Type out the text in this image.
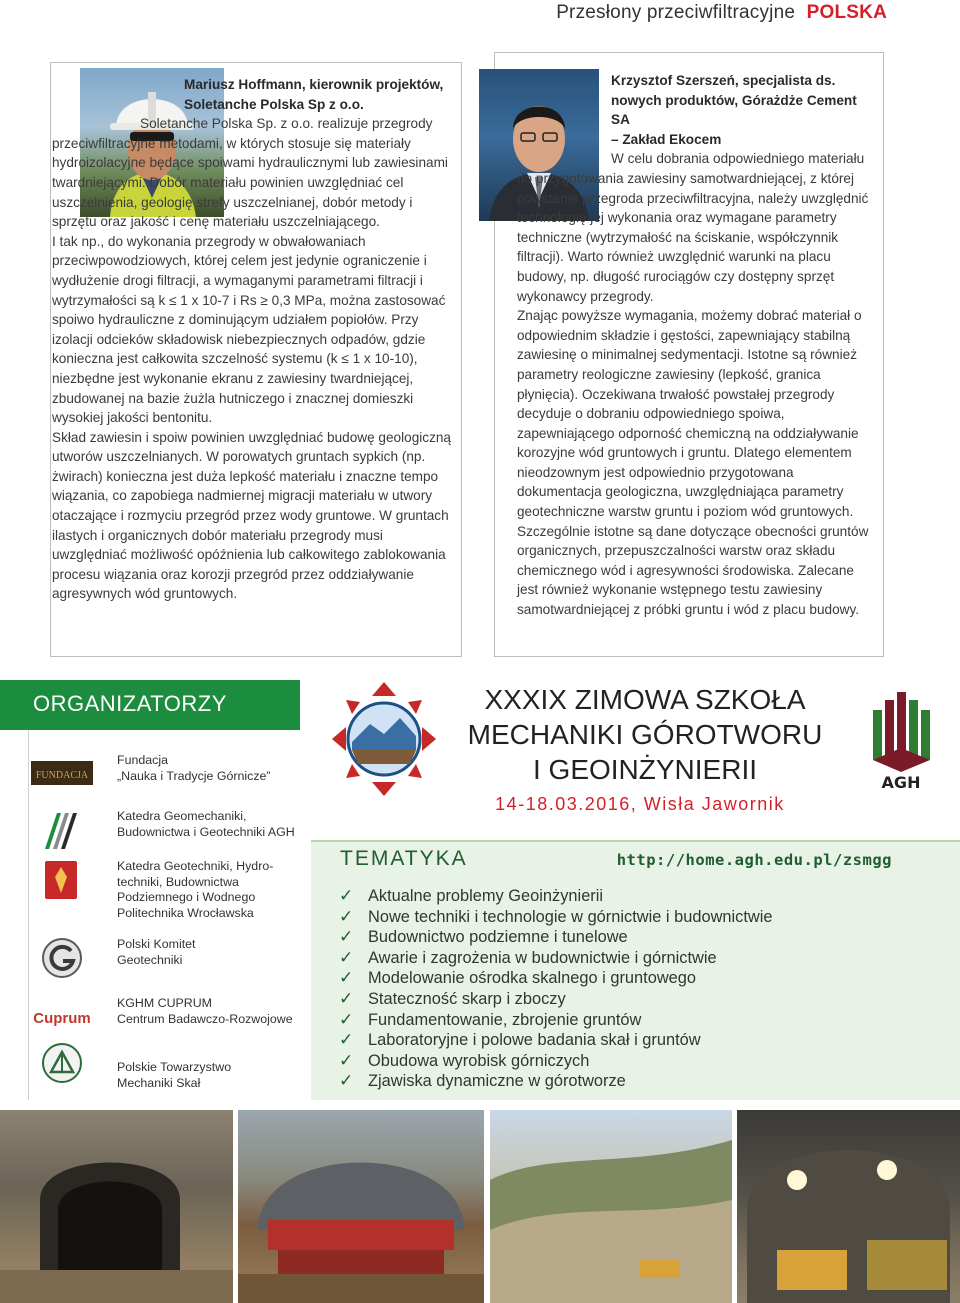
Przesłony przeciwfiltracyjne POLSKA
Mariusz Hoffmann, kierownik projektów,
Soletanche Polska Sp z o.o.
Soletanche Polska Sp. z o.o. realizuje przegrody przeciwfiltracyjne metodami, w których stosuje się materiały hydroizolacyjne będące spoiwami hydraulicznymi lub zawiesinami twardniejącymi. Dobór materiału powinien uwzględniać cel uszczelnienia, geologię strefy uszczelnianej, dobór metody i sprzętu oraz jakość i cenę materiału uszczelniającego.
I tak np., do wykonania przegrody w obwałowaniach przeciwpowodziowych, której celem jest jedynie ograniczenie i wydłużenie drogi filtracji, a wymaganymi parametrami filtracji i wytrzymałości są k ≤ 1 x 10-7 i Rs ≥ 0,3 MPa, można zastosować spoiwo hydrauliczne z dominującym udziałem popiołów. Przy izolacji odcieków składowisk niebezpiecznych odpadów, gdzie konieczna jest całkowita szczelność systemu (k ≤ 1 x 10-10), niezbędne jest wykonanie ekranu z zawiesiny twardniejącej, zbudowanej na bazie żużla hutniczego i znacznej domieszki wysokiej jakości bentonitu.
Skład zawiesin i spoiw powinien uwzględniać budowę geologiczną utworów uszczelnianych. W porowatych gruntach sypkich (np. żwirach) konieczna jest duża lepkość materiału i znaczne tempo wiązania, co zapobiega nadmiernej migracji materiału w utwory otaczające i rozmyciu przegród przez wody gruntowe. W gruntach ilastych i organicznych dobór materiału przegrody musi uwzględniać możliwość opóźnienia lub całkowitego zablokowania procesu wiązania oraz korozji przegród przez oddziaływanie agresywnych wód gruntowych.
Krzysztof Szerszeń, specjalista ds.
nowych produktów, Górażdże Cement SA
– Zakład Ekocem
W celu dobrania odpowiedniego materiału do przygotowania zawiesiny samotwardniejącej, z której powstanie przegroda przeciwfiltracyjna, należy uwzględnić technologię jej wykonania oraz wymagane parametry techniczne (wytrzymałość na ściskanie, współczynnik filtracji). Warto również uwzględnić warunki na placu budowy, np. długość rurociągów czy dostępny sprzęt wykonawcy przegrody.
Znając powyższe wymagania, możemy dobrać materiał o odpowiednim składzie i gęstości, zapewniający stabilną zawiesinę o minimalnej sedymentacji. Istotne są również parametry reologiczne zawiesiny (lepkość, granica płynięcia). Oczekiwana trwałość powstałej przegrody decyduje o dobraniu odpowiedniego spoiwa, zapewniającego odporność chemiczną na oddziaływanie korozyjne wód gruntowych i gruntu. Dlatego elementem nieodzownym jest odpowiednio przygotowana dokumentacja geologiczna, uwzględniająca parametry geotechniczne warstw gruntu i poziom wód gruntowych.
Szczególnie istotne są dane dotyczące obecności gruntów organicznych, przepuszczalności warstw oraz składu chemicznego wód i agresywności środowiska. Zalecane jest również wykonanie wstępnego testu zawiesiny samotwardniejącej z próbki gruntu i wód z placu budowy.
ORGANIZATORZY
FUNDACJA
Fundacja
„Nauka i Tradycje Górnicze”
Katedra Geomechaniki,
Budownictwa i Geotechniki AGH
Katedra Geotechniki, Hydro-
techniki, Budownictwa
Podziemnego i Wodnego
Politechnika Wrocławska
Polski Komitet
Geotechniki
Cuprum
KGHM CUPRUM
Centrum Badawczo-Rozwojowe
Polskie Towarzystwo
Mechaniki Skał
XXXIX ZIMOWA SZKOŁA
MECHANIKI GÓROTWORU
I GEOINŻYNIERII
14-18.03.2016, Wisła Jawornik
AGH
TEMATYKA	http://home.agh.edu.pl/zsmgg
✓ Aktualne problemy Geoinżynierii
✓ Nowe techniki i technologie w górnictwie i budownictwie
✓ Budownictwo podziemne i tunelowe
✓ Awarie i zagrożenia w budownictwie i górnictwie
✓ Modelowanie ośrodka skalnego i gruntowego
✓ Stateczność skarp i zboczy
✓ Fundamentowanie, zbrojenie gruntów
✓ Laboratoryjne i polowe badania skał i gruntów
✓ Obudowa wyrobisk górniczych
✓ Zjawiska dynamiczne w górotworze
